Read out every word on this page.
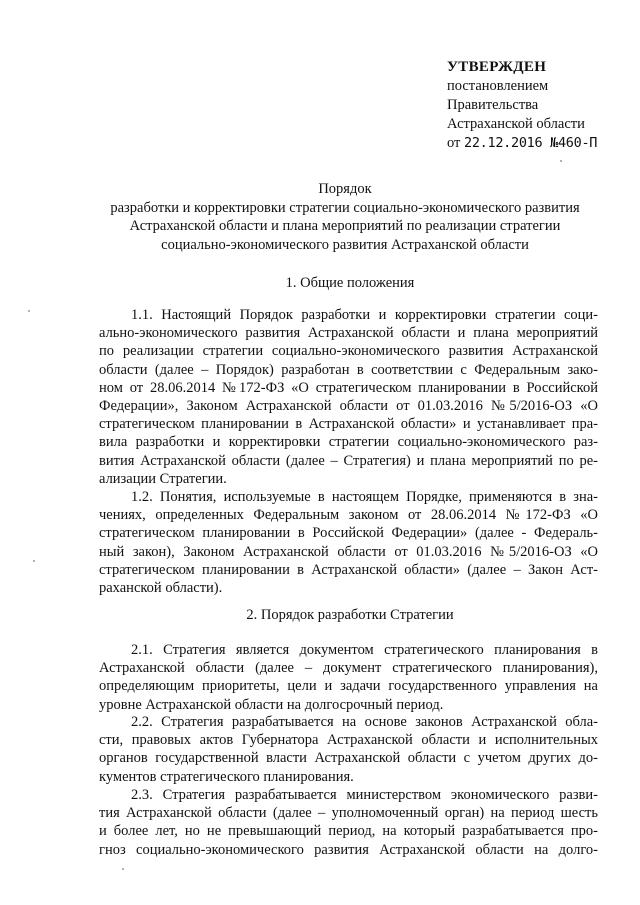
УТВЕРЖДЕН
постановлением
Правительства
Астраханской области
от 22.12.2016 №460-П
Порядок
разработки и корректировки стратегии социально-экономического развития
Астраханской области и плана мероприятий по реализации стратегии
социально-экономического развития Астраханской области
1. Общие положения
1.1. Настоящий Порядок разработки и корректировки стратегии соци-
ально-экономического развития Астраханской области и плана мероприятий
по реализации стратегии социально-экономического развития Астраханской
области (далее – Порядок) разработан в соответствии с Федеральным зако-
ном от 28.06.2014 №172-ФЗ «О стратегическом планировании в Российской
Федерации», Законом Астраханской области от 01.03.2016 №5/2016-ОЗ «О
стратегическом планировании в Астраханской области» и устанавливает пра-
вила разработки и корректировки стратегии социально-экономического раз-
вития Астраханской области (далее – Стратегия) и плана мероприятий по ре-
ализации Стратегии.
1.2. Понятия, используемые в настоящем Порядке, применяются в зна-
чениях, определенных Федеральным законом от 28.06.2014 №172-ФЗ «О
стратегическом планировании в Российской Федерации» (далее - Федераль-
ный закон), Законом Астраханской области от 01.03.2016 №5/2016-ОЗ «О
стратегическом планировании в Астраханской области» (далее – Закон Аст-
раханской области).
2. Порядок разработки Стратегии
2.1. Стратегия является документом стратегического планирования в
Астраханской области (далее – документ стратегического планирования),
определяющим приоритеты, цели и задачи государственного управления на
уровне Астраханской области на долгосрочный период.
2.2. Стратегия разрабатывается на основе законов Астраханской обла-
сти, правовых актов Губернатора Астраханской области и исполнительных
органов государственной власти Астраханской области с учетом других до-
кументов стратегического планирования.
2.3. Стратегия разрабатывается министерством экономического разви-
тия Астраханской области (далее – уполномоченный орган) на период шесть
и более лет, но не превышающий период, на который разрабатывается про-
гноз социально-экономического развития Астраханской области на долго-
